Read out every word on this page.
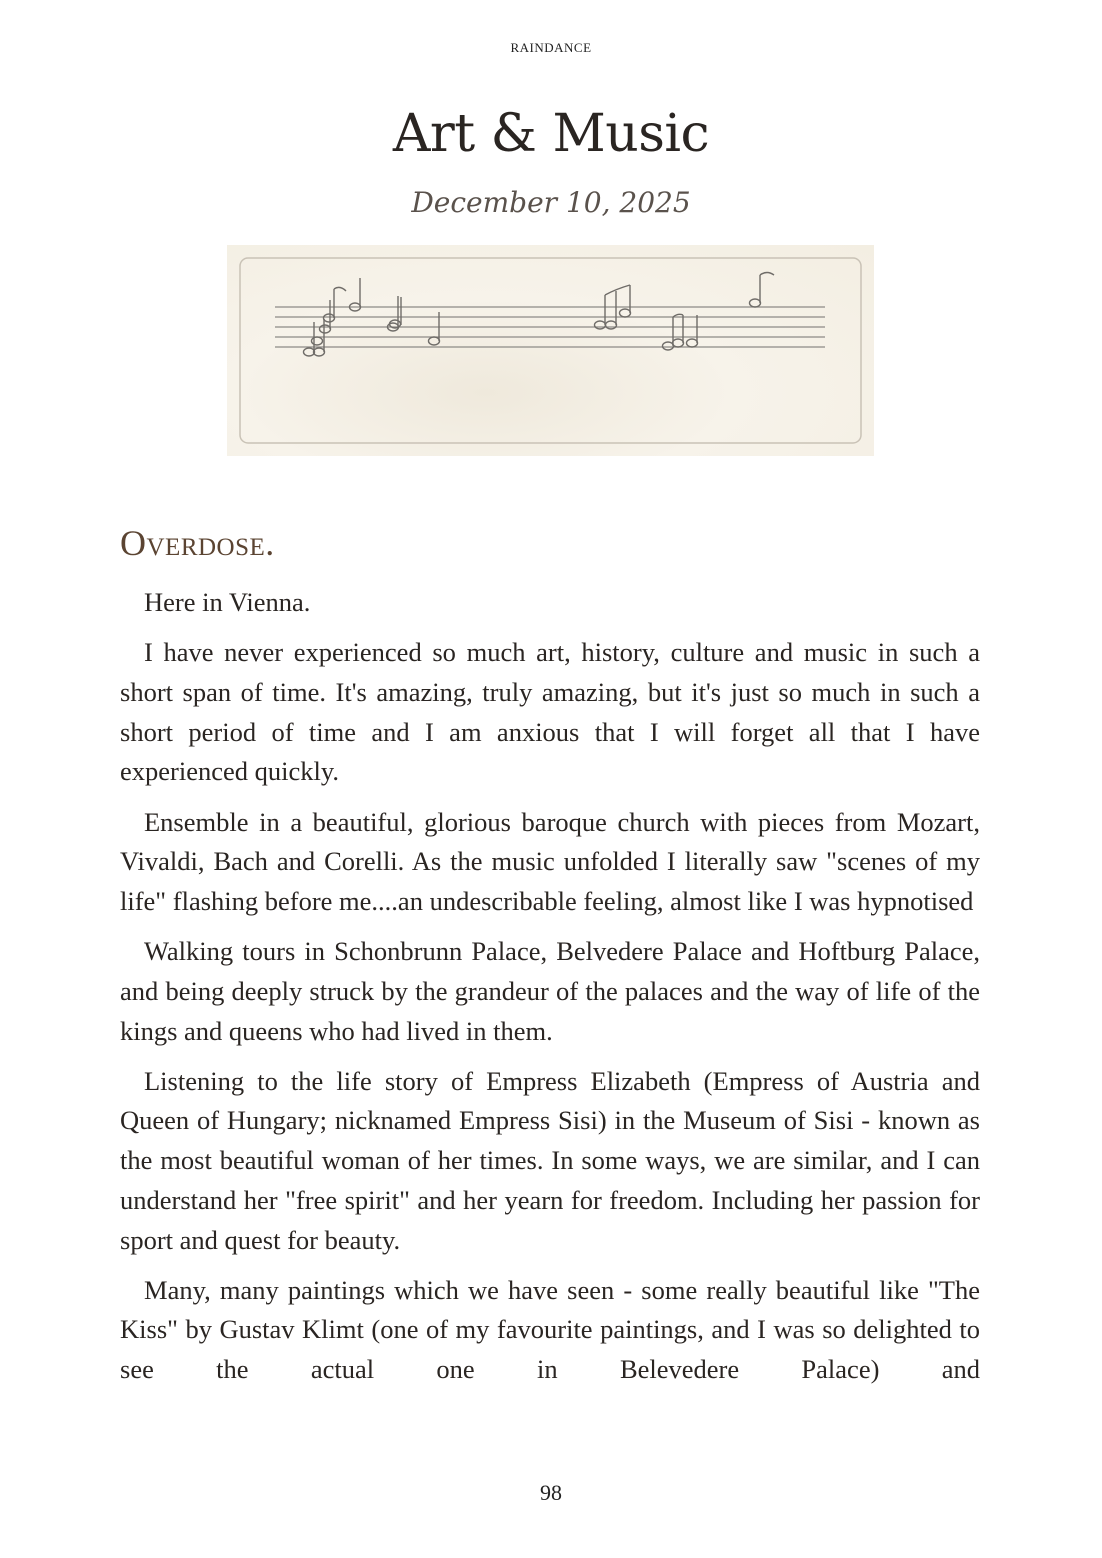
RAINDANCE
Art & Music
December 10, 2025
Overdose.

Here in Vienna.

I have never experienced so much art, history, culture and music in such a short span of time. It's amazing, truly amazing, but it's just so much in such a short period of time and I am anxious that I will forget all that I have experienced quickly.

Ensemble in a beautiful, glorious baroque church with pieces from Mozart, Vivaldi, Bach and Corelli. As the music unfolded I literally saw "scenes of my life" flashing before me....an undescribable feeling, almost like I was hypnotised

Walking tours in Schonbrunn Palace, Belvedere Palace and Hoftburg Palace, and being deeply struck by the grandeur of the palaces and the way of life of the kings and queens who had lived in them.

Listening to the life story of Empress Elizabeth (Empress of Austria and Queen of Hungary; nicknamed Empress Sisi) in the Museum of Sisi - known as the most beautiful woman of her times. In some ways, we are similar, and I can understand her "free spirit" and her yearn for freedom. Including her passion for sport and quest for beauty.

Many, many paintings which we have seen - some really beautiful like "The Kiss" by Gustav Klimt (one of my favourite paintings, and I was so delighted to see the actual one in Belevedere Palace) and

98
